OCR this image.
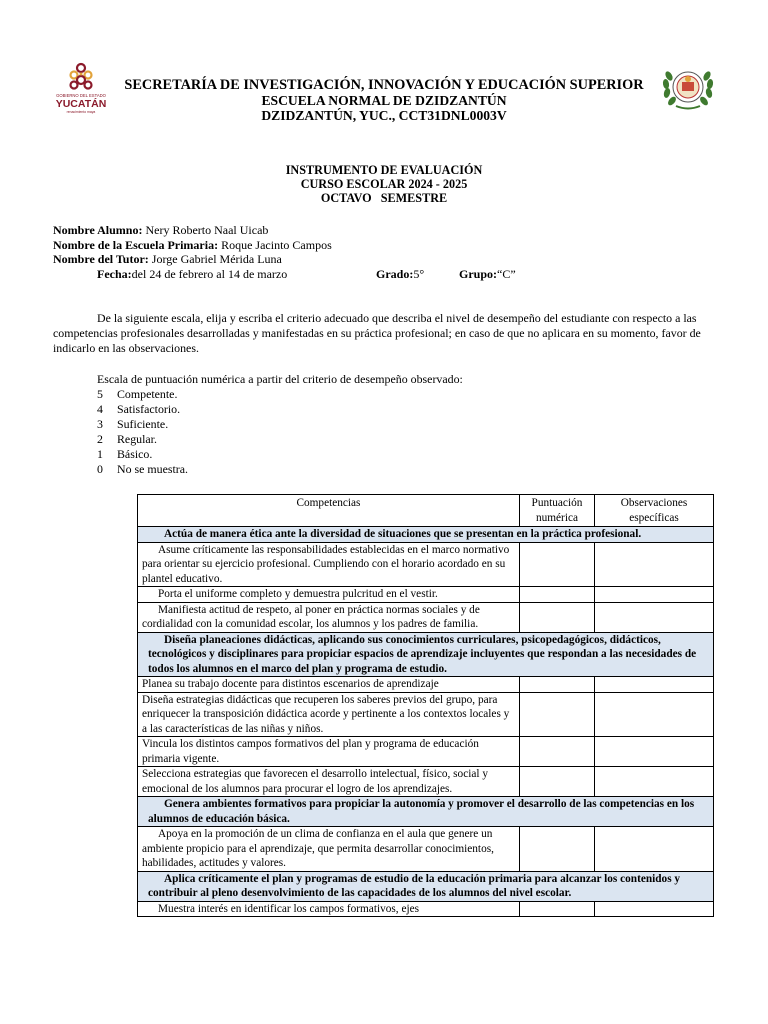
GOBIERNO DEL ESTADO
YUCATÁN
renacimiento maya
SECRETARÍA DE INVESTIGACIÓN, INNOVACIÓN Y EDUCACIÓN SUPERIOR
ESCUELA NORMAL DE DZIDZANTÚN
DZIDZANTÚN, YUC., CCT31DNL0003V
INSTRUMENTO DE EVALUACIÓN
CURSO ESCOLAR 2024 - 2025
OCTAVO   SEMESTRE
Nombre Alumno: Nery Roberto Naal Uicab
Nombre de la Escuela Primaria: Roque Jacinto Campos
Nombre del Tutor: Jorge Gabriel Mérida Luna
Fecha: del 24 de febrero al 14 de marzo	Grado: 5°	Grupo: “C”
De la siguiente escala, elija y escriba el criterio adecuado que describa el nivel de desempeño del estudiante con respecto a las competencias profesionales desarrolladas y manifestadas en su práctica profesional; en caso de que no aplicara en su momento, favor de indicarlo en las observaciones.
Escala de puntuación numérica a partir del criterio de desempeño observado:
5	Competente.
4	Satisfactorio.
3	Suficiente.
2	Regular.
1	Básico.
0	No se muestra.
Competencias	Puntuación numérica	Observaciones específicas
Actúa de manera ética ante la diversidad de situaciones que se presentan en la práctica profesional.		
Asume críticamente las responsabilidades establecidas en el marco normativo para orientar su ejercicio profesional. Cumpliendo con el horario acordado en su plantel educativo.		
Porta el uniforme completo y demuestra pulcritud en el vestir.		
Manifiesta actitud de respeto, al poner en práctica normas sociales y de cordialidad con la comunidad escolar, los alumnos y los padres de familia.		
Diseña planeaciones didácticas, aplicando sus conocimientos curriculares, psicopedagógicos, didácticos, tecnológicos y disciplinares para propiciar espacios de aprendizaje incluyentes que respondan a las necesidades de todos los alumnos en el marco del plan y programa de estudio.		
Planea su trabajo docente para distintos escenarios de aprendizaje		
Diseña estrategias didácticas que recuperen los saberes previos del grupo, para enriquecer la transposición didáctica acorde y pertinente a los contextos locales y a las características de las niñas y niños.		
Vincula los distintos campos formativos del plan y programa de educación primaria vigente.		
Selecciona estrategias que favorecen el desarrollo intelectual, físico, social y emocional de los alumnos para procurar el logro de los aprendizajes.		
Genera ambientes formativos para propiciar la autonomía y promover el desarrollo de las competencias en los alumnos de educación básica.		
Apoya en la promoción de un clima de confianza en el aula que genere un ambiente propicio para el aprendizaje, que permita desarrollar conocimientos, habilidades, actitudes y valores.		
Aplica críticamente el plan y programas de estudio de la educación primaria para alcanzar los contenidos y contribuir al pleno desenvolvimiento de las capacidades de los alumnos del nivel escolar.		
Muestra interés en identificar los campos formativos, ejes		
